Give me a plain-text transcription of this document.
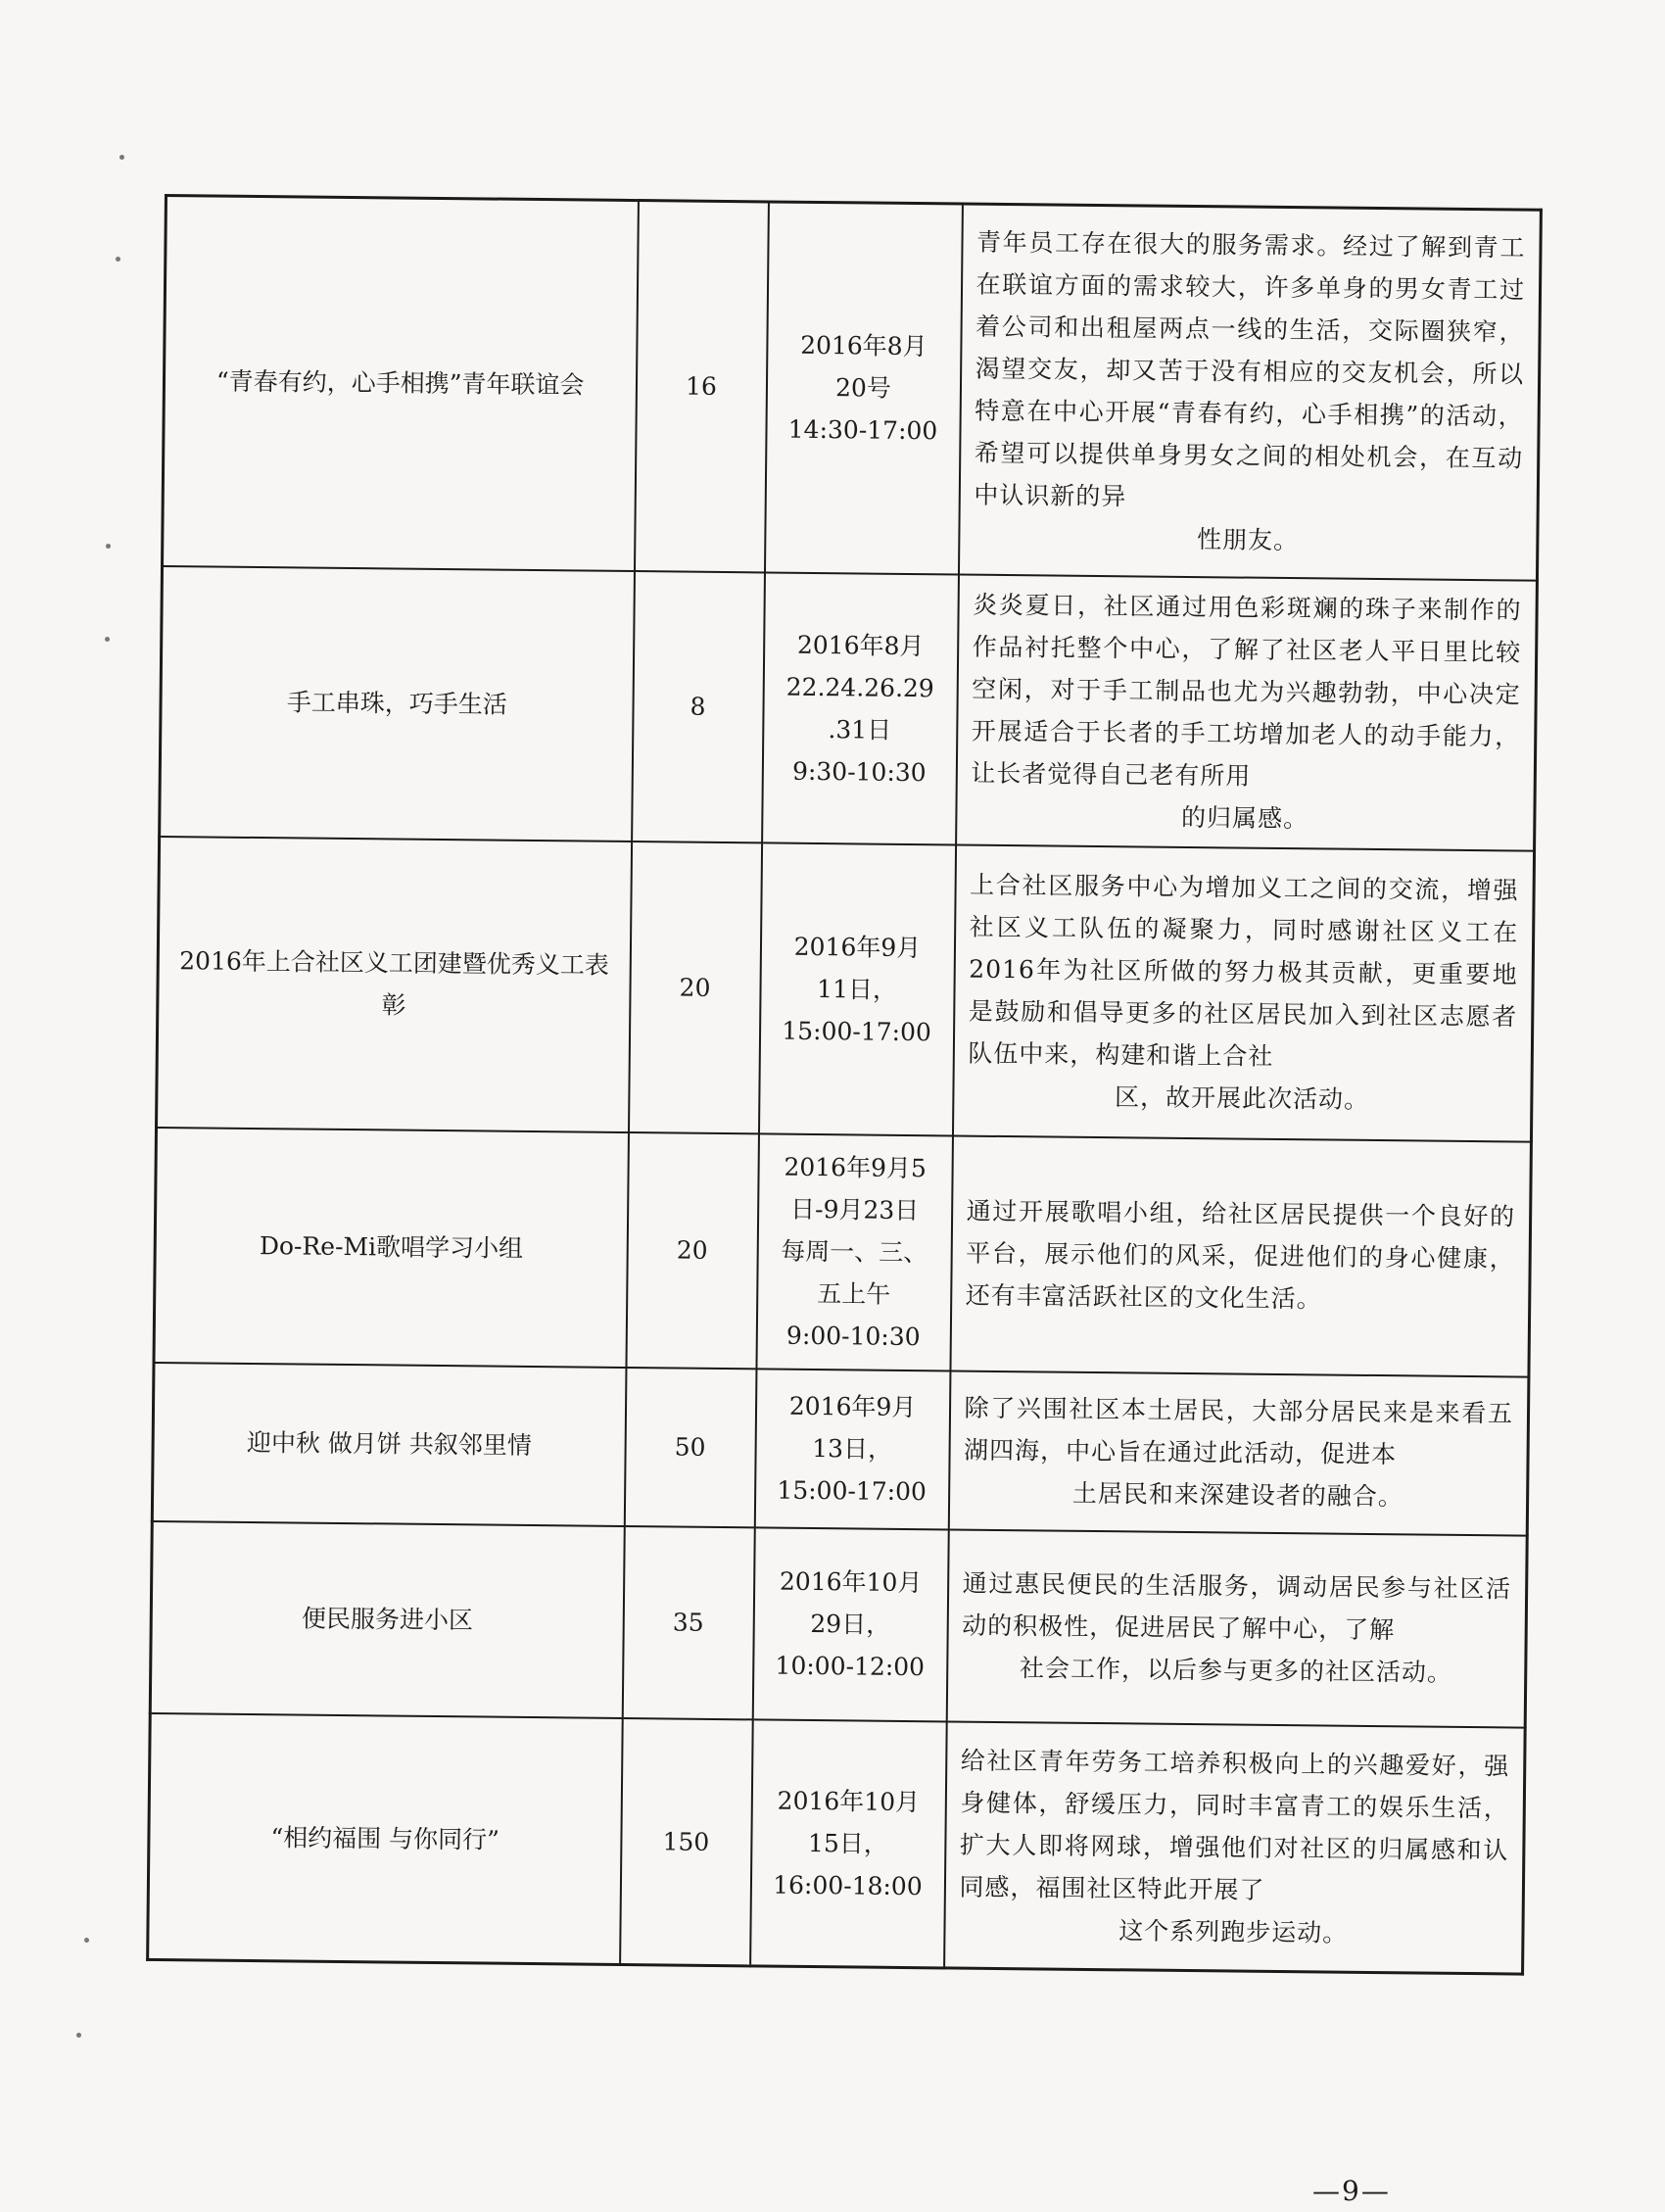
“青春有约，心手相携”青年联谊会	16	2016年8月
20号
14:30-17:00	青年员工存在很大的服务需求。经过了解到青工在联谊方面的需求较大，许多单身的男女青工过着公司和出租屋两点一线的生活，交际圈狭窄，渴望交友，却又苦于没有相应的交友机会，所以特意在中心开展“青春有约，心手相携”的活动，希望可以提供单身男女之间的相处机会，在互动中认识新的异
性朋友。

手工串珠，巧手生活	8	2016年8月
22.24.26.29
.31日
9:30-10:30	炎炎夏日，社区通过用色彩斑斓的珠子来制作的作品衬托整个中心，了解了社区老人平日里比较空闲，对于手工制品也尤为兴趣勃勃，中心决定开展适合于长者的手工坊增加老人的动手能力，让长者觉得自己老有所用
的归属感。

2016年上合社区义工团建暨优秀义工表彰	20	2016年9月
11日，
15:00-17:00	上合社区服务中心为增加义工之间的交流，增强社区义工队伍的凝聚力，同时感谢社区义工在2016年为社区所做的努力极其贡献，更重要地是鼓励和倡导更多的社区居民加入到社区志愿者队伍中来，构建和谐上合社
区，故开展此次活动。

Do-Re-Mi歌唱学习小组	20	2016年9月5
日-9月23日
每周一、三、
五上午
9:00-10:30	通过开展歌唱小组，给社区居民提供一个良好的平台，展示他们的风采，促进他们的身心健康，还有丰富活跃社区的文化生活。

迎中秋 做月饼 共叙邻里情	50	2016年9月
13日，
15:00-17:00	除了兴围社区本土居民，大部分居民来是来看五湖四海，中心旨在通过此活动，促进本
土居民和来深建设者的融合。

便民服务进小区	35	2016年10月
29日，
10:00-12:00	通过惠民便民的生活服务，调动居民参与社区活动的积极性，促进居民了解中心，了解
社会工作，以后参与更多的社区活动。

“相约福围 与你同行”	150	2016年10月
15日，
16:00-18:00	给社区青年劳务工培养积极向上的兴趣爱好，强身健体，舒缓压力，同时丰富青工的娱乐生活，扩大人即将网球，增强他们对社区的归属感和认同感，福围社区特此开展了
这个系列跑步运动。
—9—
